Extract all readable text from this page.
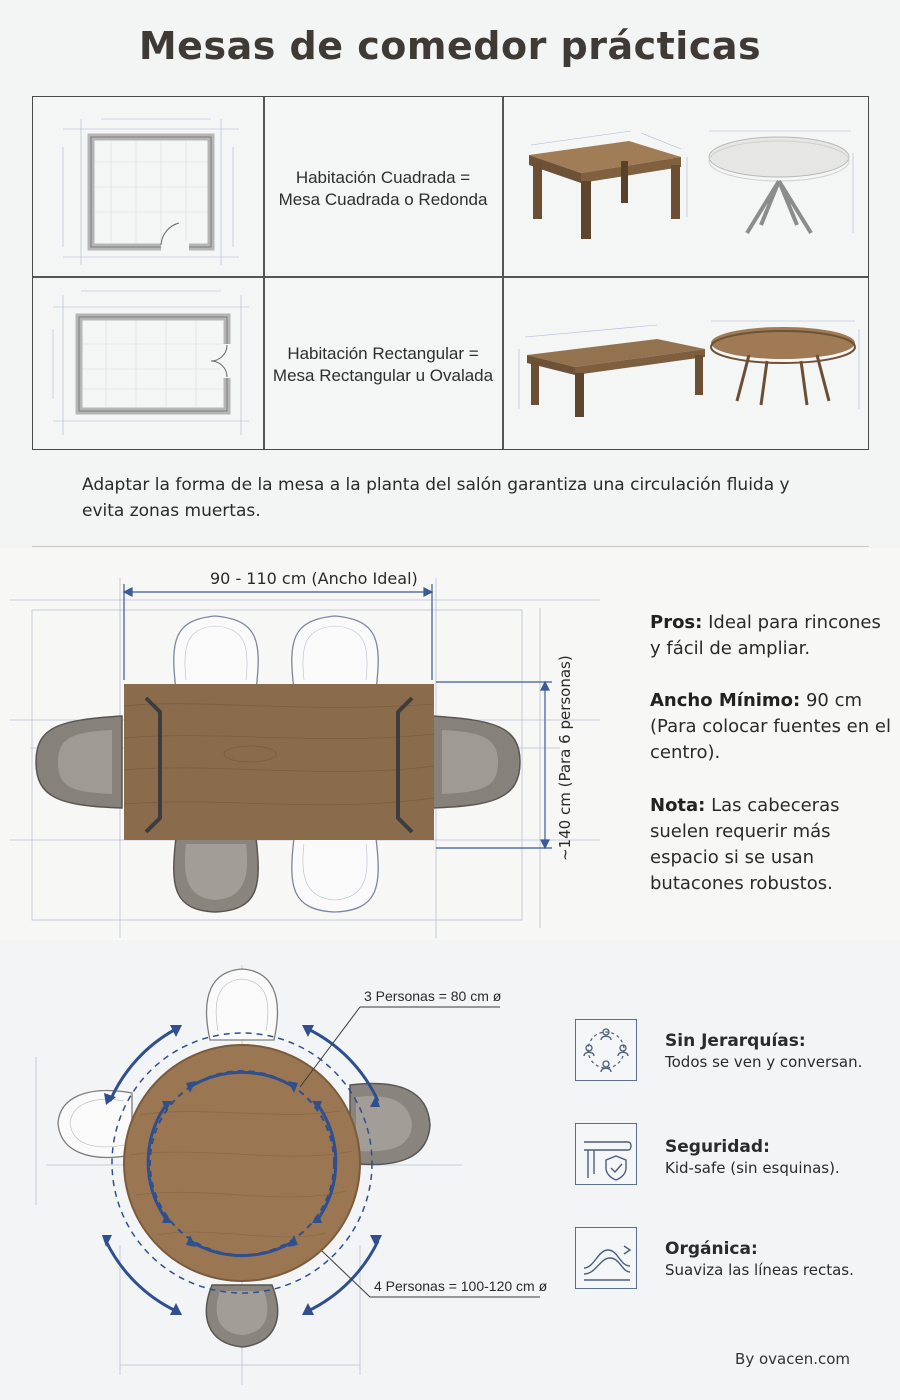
Mesas de comedor prácticas
Habitación Cuadrada =
Mesa Cuadrada o Redonda
Habitación Rectangular =
Mesa Rectangular u Ovalada
Adaptar la forma de la mesa a la planta del salón garantiza una circulación fluida y evita zonas muertas.
90 - 110 cm (Ancho Ideal)
~140 cm (Para 6 personas)
Pros: Ideal para rincones y fácil de ampliar.
Ancho Mínimo: 90 cm (Para colocar fuentes en el centro).
Nota: Las cabeceras suelen requerir más espacio si se usan butacones robustos.
3 Personas = 80 cm ø
4 Personas = 100-120 cm ø
Sin Jerarquías:
Todos se ven y conversan.
Seguridad:
Kid-safe (sin esquinas).
Orgánica:
Suaviza las líneas rectas.
By ovacen.com
